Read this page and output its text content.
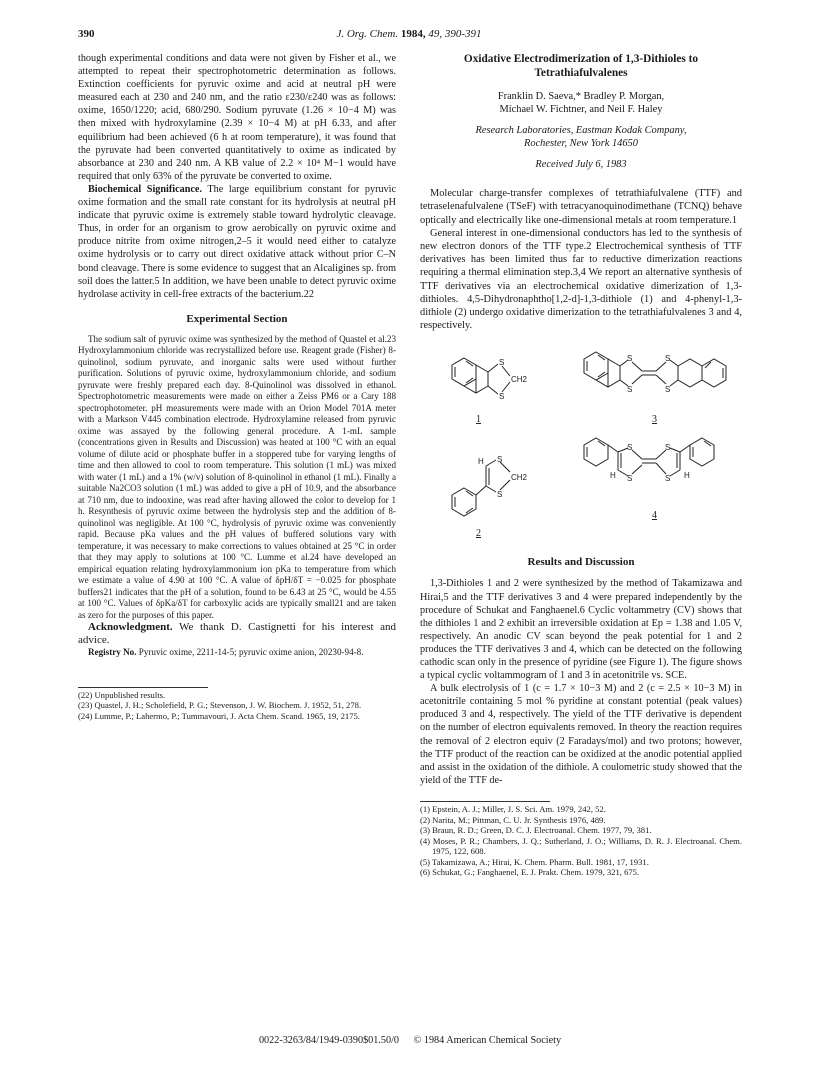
390	J. Org. Chem. 1984, 49, 390-391

though experimental conditions and data were not given by Fisher et al., we attempted to repeat their spectrophotometric determination as follows. Extinction coefficients for pyruvic oxime and acid at neutral pH were measured each at 230 and 240 nm, and the ratio ε230/ε240 was as follows: oxime, 1650/1220; acid, 680/290. Sodium pyruvate (1.26 × 10−4 M) was then mixed with hydroxylamine (2.39 × 10−4 M) at pH 6.33, and after equilibrium had been achieved (6 h at room temperature), it was found that the pyruvate had been converted quantitatively to oxime as indicated by absorbance at 230 and 240 nm. A KB value of 2.2 × 10⁴ M−1 would have required that only 63% of the pyruvate be converted to oxime.

Biochemical Significance. The large equilibrium constant for pyruvic oxime formation and the small rate constant for its hydrolysis at neutral pH indicate that pyruvic oxime is extremely stable toward hydrolytic cleavage. Thus, in order for an organism to grow aerobically on pyruvic oxime and produce nitrite from oxime nitrogen,2–5 it would need either to catalyze oxime hydrolysis or to carry out direct oxidative attack without prior C–N bond cleavage. There is some evidence to suggest that an Alcaligines sp. from soil does the latter.5 In addition, we have been unable to detect pyruvic oxime hydrolase activity in cell-free extracts of the bacterium.22

Experimental Section

The sodium salt of pyruvic oxime was synthesized by the method of Quastel et al.23 Hydroxylammonium chloride was recrystallized before use. Reagent grade (Fisher) 8-quinolinol, sodium pyruvate, and inorganic salts were used without further purification. Solutions of pyruvic oxime, hydroxylammonium chloride, and sodium pyruvate were freshly prepared each day. 8-Quinolinol was dissolved in ethanol. Spectrophotometric measurements were made on either a Zeiss PM6 or a Cary 188 spectrophotometer. pH measurements were made with an Orion Model 701A meter with a Markson V445 combination electrode. Hydroxylamine released from pyruvic oxime was assayed by the following general procedure. A 1-mL sample (concentrations given in Results and Discussion) was heated at 100 °C with an equal volume of dilute acid or phosphate buffer in a stoppered tube for varying lengths of time and then allowed to cool to room temperature. This solution (1 mL) was mixed with water (1 mL) and a 1% (w/v) solution of 8-quinolinol in ethanol (1 mL). Finally a suitable Na2CO3 solution (1 mL) was added to give a pH of 10.9, and the absorbance at 710 nm, due to indooxine, was read after having allowed the color to develop for 1 h. Resynthesis of pyruvic oxime between the hydrolysis step and the addition of 8-quinolinol was negligible. At 100 °C, hydrolysis of pyruvic oxime was conveniently rapid. Because pKa values and the pH values of buffered solutions vary with temperature, it was necessary to make corrections to values obtained at 25 °C in order that they may apply to solutions at 100 °C. Lumme et al.24 have developed an empirical equation relating hydroxylammonium ion pKa to temperature from which we estimate a value of 4.90 at 100 °C. A value of δpH/δT = −0.025 for phosphate buffers21 indicates that the pH of a solution, found to be 6.43 at 25 °C, would be 4.55 at 100 °C. Values of δpKa/δT for carboxylic acids are typically small21 and are taken as zero for the purposes of this paper.

Acknowledgment. We thank D. Castignetti for his interest and advice.

Registry No. Pyruvic oxime, 2211-14-5; pyruvic oxime anion, 20230-94-8.

(22) Unpublished results.
(23) Quastel, J. H.; Scholefield, P. G.; Stevenson, J. W. Biochem. J. 1952, 51, 278.
(24) Lumme, P.; Lahermo, P.; Tummavouri, J. Acta Chem. Scand. 1965, 19, 2175.
Oxidative Electrodimerization of 1,3-Dithioles to Tetrathiafulvalenes
Franklin D. Saeva,* Bradley P. Morgan,
Michael W. Fichtner, and Neil F. Haley
Research Laboratories, Eastman Kodak Company,
Rochester, New York 14650
Received July 6, 1983

Molecular charge-transfer complexes of tetrathiafulvalene (TTF) and tetraselenafulvalene (TSeF) with tetracyanoquinodimethane (TCNQ) behave optically and electrically like one-dimensional metals at room temperature.1

General interest in one-dimensional conductors has led to the synthesis of new electron donors of the TTF type.2 Electrochemical synthesis of TTF derivatives has been limited thus far to reductive dimerization reactions requiring a thermal elimination step.3,4 We report an alternative synthesis of TTF derivatives via an electrochemical oxidative dimerization of 1,3-dithioles. 4,5-Dihydronaphtho[1,2-d]-1,3-dithiole (1) and 4-phenyl-1,3-dithiole (2) undergo oxidative dimerization to the tetrathiafulvalenes 3 and 4, respectively.

S
S
CH2
S
S
S
S
H S
S
CH2
S
S
H
S
S H
1	3
2
4
Results and Discussion

1,3-Dithioles 1 and 2 were synthesized by the method of Takamizawa and Hirai,5 and the TTF derivatives 3 and 4 were prepared independently by the procedure of Schukat and Fanghaenel.6 Cyclic voltammetry (CV) shows that the dithioles 1 and 2 exhibit an irreversible oxidation at Ep = 1.38 and 1.05 V, respectively. An anodic CV scan beyond the peak potential for 1 and 2 produces the TTF derivatives 3 and 4, which can be detected on the following cathodic scan only in the presence of pyridine (see Figure 1). The figure shows a typical cyclic voltammogram of 1 and 3 in acetonitrile vs. SCE.

A bulk electrolysis of 1 (c = 1.7 × 10−3 M) and 2 (c = 2.5 × 10−3 M) in acetonitrile containing 5 mol % pyridine at constant potential (peak values) produced 3 and 4, respectively. The yield of the TTF derivative is dependent on the number of electron equivalents removed. In theory the reaction requires the removal of 2 electron equiv (2 Faradays/mol) and two protons; however, the TTF product of the reaction can be oxidized at the anodic potential applied and assist in the oxidation of the dithiole. A coulometric study showed that the yield of the TTF de-

(1) Epstein, A. J.; Miller, J. S. Sci. Am. 1979, 242, 52.
(2) Narita, M.; Pittman, C. U. Jr. Synthesis 1976, 489.
(3) Braun, R. D.; Green, D. C. J. Electroanal. Chem. 1977, 79, 381.
(4) Moses, P. R.; Chambers, J. Q.; Sutherland, J. O.; Williams, D. R. J. Electroanal. Chem. 1975, 122, 608.
(5) Takamizawa, A.; Hirai, K. Chem. Pharm. Bull. 1981, 17, 1931.
(6) Schukat, G.; Fanghaenel, E. J. Prakt. Chem. 1979, 321, 675.
0022-3263/84/1949-0390$01.50/0 © 1984 American Chemical Society
